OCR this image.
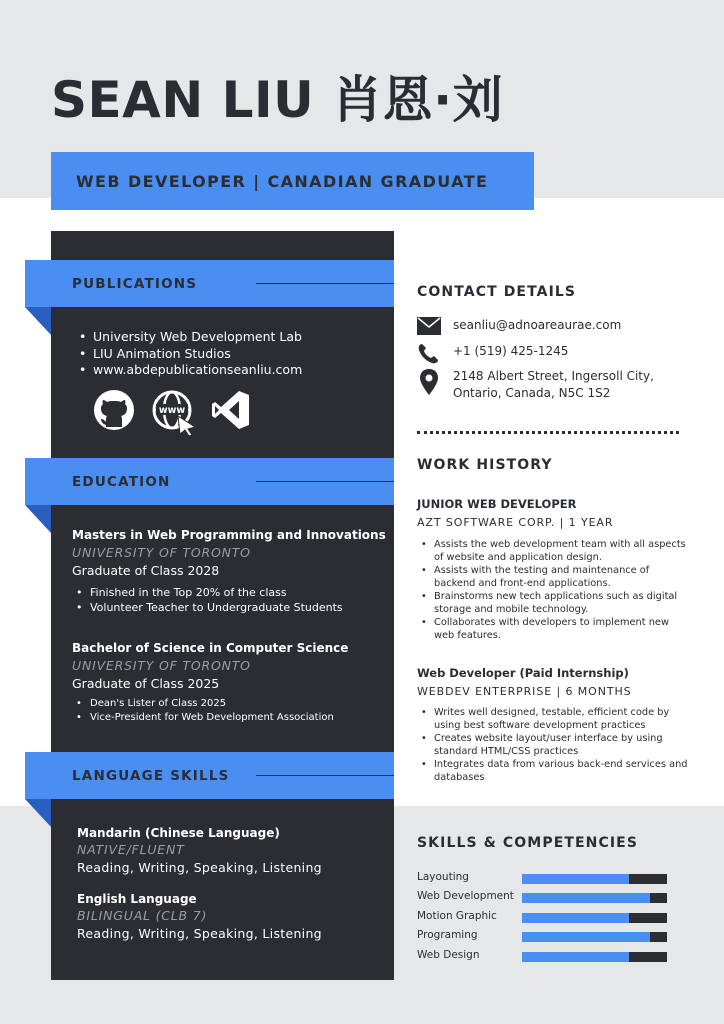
SEAN LIU 肖恩·刘
WEB DEVELOPER | CANADIAN GRADUATE
PUBLICATIONS
• University Web Development Lab
• LIU Animation Studios
• www.abdepublicationseanliu.com
www
EDUCATION
Masters in Web Programming and Innovations
UNIVERSITY OF TORONTO
Graduate of Class 2028
• Finished in the Top 20% of the class
• Volunteer Teacher to Undergraduate Students
Bachelor of Science in Computer Science
UNIVERSITY OF TORONTO
Graduate of Class 2025
• Dean's Lister of Class 2025
• Vice-President for Web Development Association
LANGUAGE SKILLS
Mandarin (Chinese Language)
NATIVE/FLUENT
Reading, Writing, Speaking, Listening
English Language
BILINGUAL (CLB 7)
Reading, Writing, Speaking, Listening
CONTACT DETAILS
seanliu@adnoareaurae.com
+1 (519) 425-1245
2148 Albert Street, Ingersoll City,
Ontario, Canada, N5C 1S2
WORK HISTORY
JUNIOR WEB DEVELOPER
AZT SOFTWARE CORP. | 1 YEAR
• Assists the web development team with all aspects
of website and application design.
• Assists with the testing and maintenance of
backend and front-end applications.
• Brainstorms new tech applications such as digital
storage and mobile technology.
• Collaborates with developers to implement new
web features.
Web Developer (Paid Internship)
WEBDEV ENTERPRISE | 6 MONTHS
• Writes well designed, testable, efficient code by
using best software development practices
• Creates website layout/user interface by using
standard HTML/CSS practices
• Integrates data from various back-end services and
databases
SKILLS & COMPETENCIES
Layouting
Web Development
Motion Graphic
Programing
Web Design
